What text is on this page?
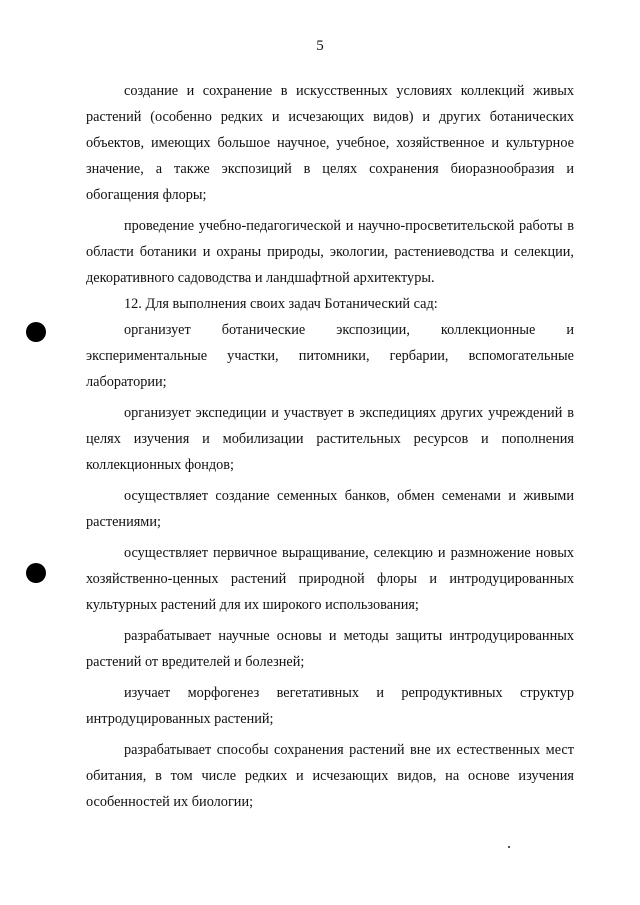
5

создание и сохранение в искусственных условиях коллекций живых растений (особенно редких и исчезающих видов) и других ботанических объектов, имеющих большое научное, учебное, хозяйственное и культурное значение, а также экспозиций в целях сохранения биоразнообразия и обогащения флоры;

проведение учебно-педагогической и научно-просветительской работы в области ботаники и охраны природы, экологии, растениеводства и селекции, декоративного садоводства и ландшафтной архитектуры.

12. Для выполнения своих задач Ботанический сад:

организует ботанические экспозиции, коллекционные и экспериментальные участки, питомники, гербарии, вспомогательные лаборатории;

организует экспедиции и участвует в экспедициях других учреждений в целях изучения и мобилизации растительных ресурсов и пополнения коллекционных фондов;

осуществляет создание семенных банков, обмен семенами и живыми растениями;

осуществляет первичное выращивание, селекцию и размножение новых хозяйственно-ценных растений природной флоры и интродуцированных культурных растений для их широкого использования;

разрабатывает научные основы и методы защиты интродуцированных растений от вредителей и болезней;

изучает морфогенез вегетативных и репродуктивных структур интродуцированных растений;

разрабатывает способы сохранения растений вне их естественных мест обитания, в том числе редких и исчезающих видов, на основе изучения особенностей их биологии;
